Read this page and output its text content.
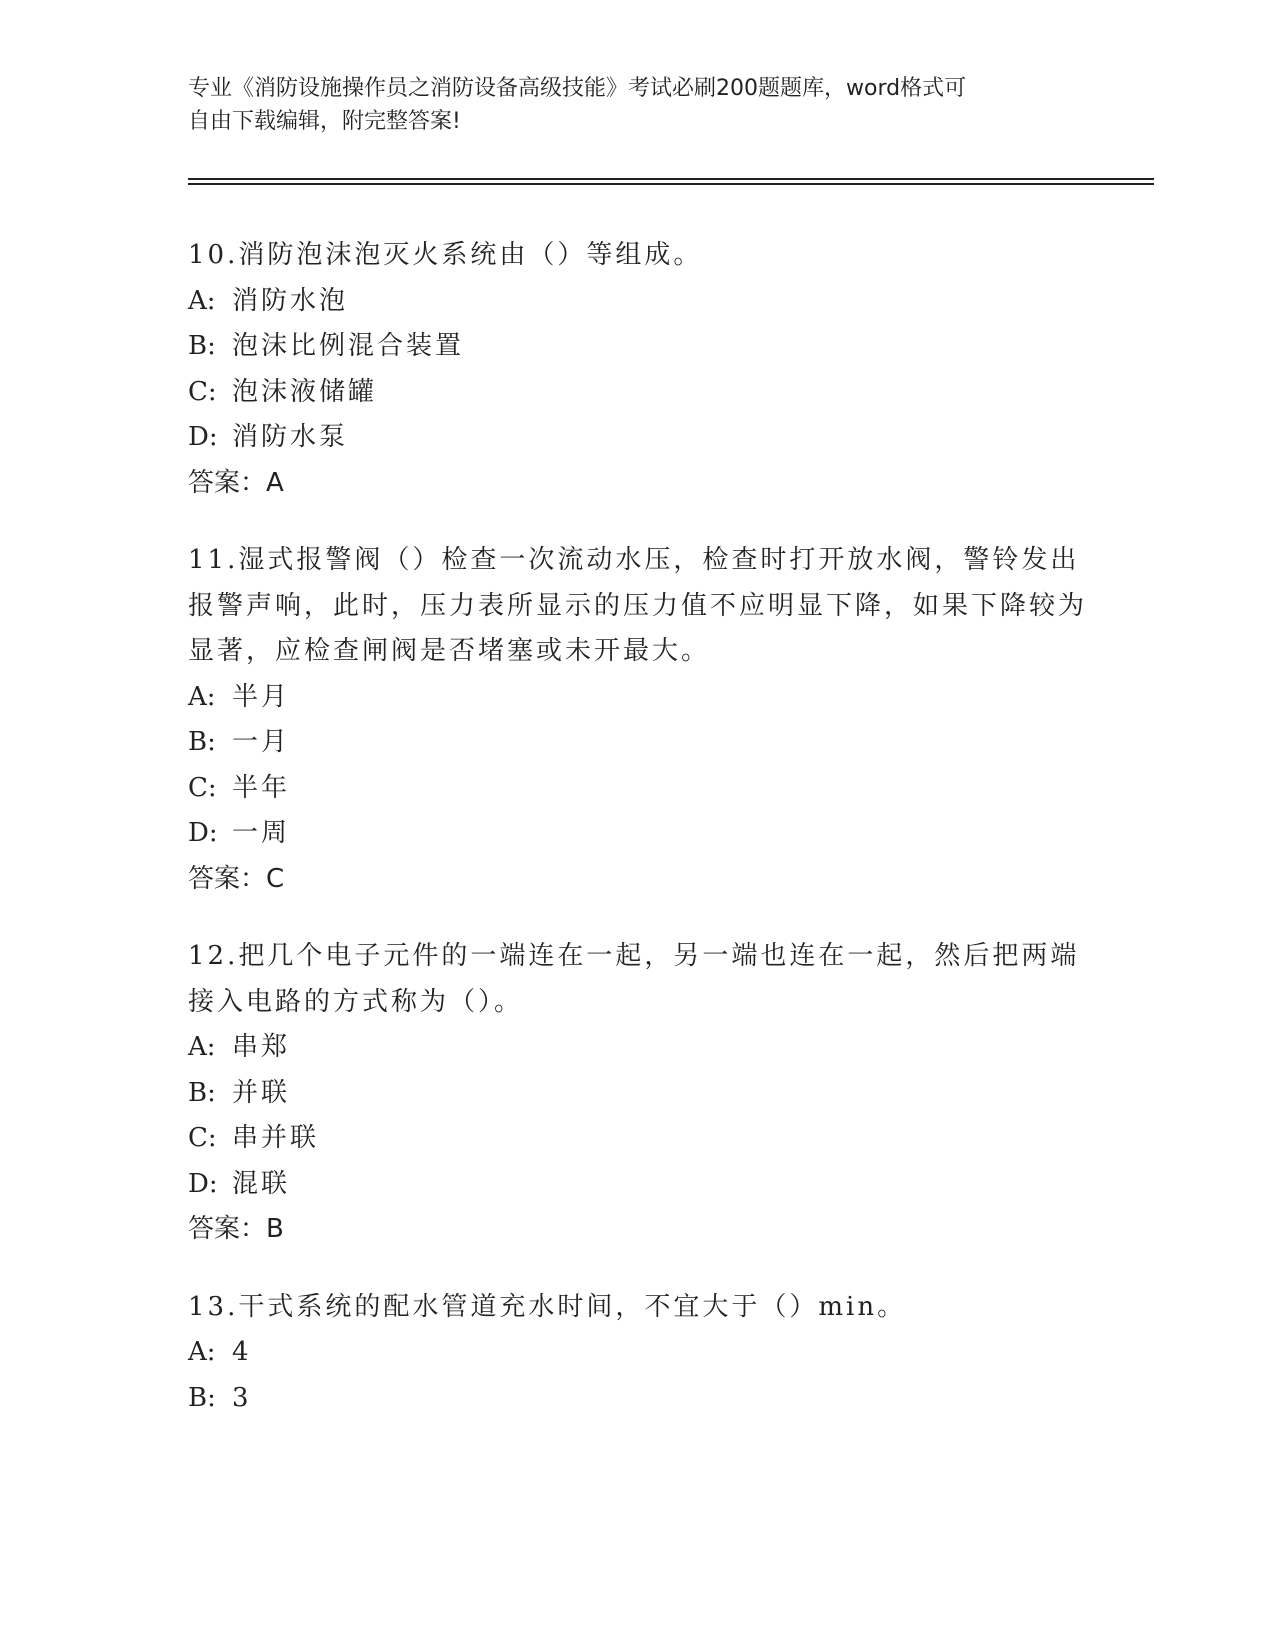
专业《消防设施操作员之消防设备高级技能》考试必刷200题题库，word格式可
自由下载编辑，附完整答案!

10.消防泡沫泡灭火系统由（）等组成。

A: 消防水泡

B: 泡沫比例混合装置

C: 泡沫液储罐

D: 消防水泵

答案：A

11.湿式报警阀（）检查一次流动水压，检查时打开放水阀，警铃发出报警声响，此时，压力表所显示的压力值不应明显下降，如果下降较为显著，应检查闸阀是否堵塞或未开最大。

A: 半月

B: 一月

C: 半年

D: 一周

答案：C

12.把几个电子元件的一端连在一起，另一端也连在一起，然后把两端接入电路的方式称为（）。

A: 串郑

B: 并联

C: 串并联

D: 混联

答案：B

13.干式系统的配水管道充水时间，不宜大于（）min。

A: 4

B: 3
